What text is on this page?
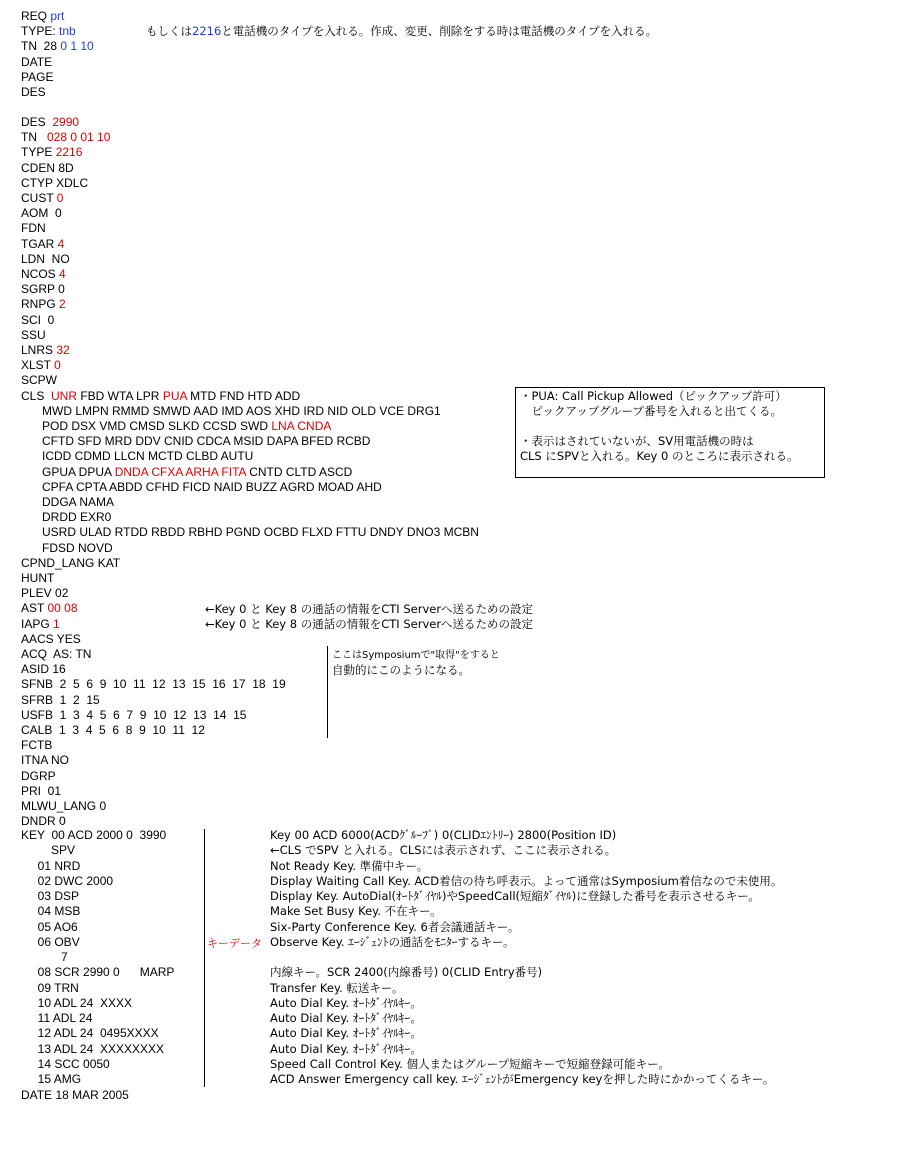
REQ prt
TYPE: tnb
TN  28 0 1 10
DATE
PAGE
DES
もしくは2216と電話機のタイプを入れる。作成、変更、削除をする時は電話機のタイプを入れる。
DES  2990
TN   028 0 01 10
TYPE 2216
CDEN 8D
CTYP XDLC
CUST 0
AOM  0
FDN
TGAR 4
LDN  NO
NCOS 4
SGRP 0
RNPG 2
SCI  0
SSU
LNRS 32
XLST 0
SCPW
CLS  UNR FBD WTA LPR PUA MTD FND HTD ADD
MWD LMPN RMMD SMWD AAD IMD AOS XHD IRD NID OLD VCE DRG1
POD DSX VMD CMSD SLKD CCSD SWD LNA CNDA
CFTD SFD MRD DDV CNID CDCA MSID DAPA BFED RCBD
ICDD CDMD LLCN MCTD CLBD AUTU
GPUA DPUA DNDA CFXA ARHA FITA CNTD CLTD ASCD
CPFA CPTA ABDD CFHD FICD NAID BUZZ AGRD MOAD AHD
DDGA NAMA
DRDD EXR0
USRD ULAD RTDD RBDD RBHD PGND OCBD FLXD FTTU DNDY DNO3 MCBN
FDSD NOVD
CPND_LANG KAT
HUNT
PLEV 02
AST 00 08
IAPG 1
AACS YES
ACQ  AS: TN
ASID 16
SFNB  2  5  6  9  10  11  12  13  15  16  17  18  19
SFRB  1  2  15
USFB  1  3  4  5  6  7  9  10  12  13  14  15
CALB  1  3  4  5  6  8  9  10  11  12
FCTB
ITNA NO
DGRP
PRI  01
MLWU_LANG 0
DNDR 0
・PUA: Call Pickup Allowed（ピックアップ許可）
　ピックアップグループ番号を入れると出てくる。
・表示はされていないが、SV用電話機の時は
CLS にSPVと入れる。Key 0 のところに表示される。
←Key 0 と Key 8 の通話の情報をCTI Serverへ送るための設定
←Key 0 と Key 8 の通話の情報をCTI Serverへ送るための設定
ここはSymposiumで"取得"をすると
自動的にこのようになる。
キーデータ
KEY  00 ACD 2000 0  3990	Key 00 ACD 6000(ACDｸﾞﾙｰﾌﾟ) 0(CLIDｴﾝﾄﾘｰ) 2800(Position ID)
SPV	←CLS でSPV と入れる。CLSには表示されず、ここに表示される。
01 NRD	Not Ready Key. 準備中キー。
02 DWC 2000	Display Waiting Call Key. ACD着信の待ち呼表示。よって通常はSymposium着信なので未使用。
03 DSP	Display Key. AutoDial(ｵｰﾄﾀﾞｲﾔﾙ)やSpeedCall(短縮ﾀﾞｲﾔﾙ)に登録した番号を表示させるキー。
04 MSB	Make Set Busy Key. 不在キー。
05 AO6	Six-Party Conference Key. 6者会議通話キー。
06 OBV	Observe Key. ｴｰｼﾞｪﾝﾄの通話をﾓﾆﾀｰするキー。
7
08 SCR 2990 0      MARP	内線キー。SCR 2400(内線番号) 0(CLID Entry番号)
09 TRN	Transfer Key. 転送キー。
10 ADL 24  XXXX	Auto Dial Key. ｵｰﾄﾀﾞｲﾔﾙｷｰ。
11 ADL 24	Auto Dial Key. ｵｰﾄﾀﾞｲﾔﾙｷｰ。
12 ADL 24  0495XXXX	Auto Dial Key. ｵｰﾄﾀﾞｲﾔﾙｷｰ。
13 ADL 24  XXXXXXXX	Auto Dial Key. ｵｰﾄﾀﾞｲﾔﾙｷｰ。
14 SCC 0050	Speed Call Control Key. 個人またはグループ短縮キーで短縮登録可能キー。
15 AMG	ACD Answer Emergency call key. ｴｰｼﾞｪﾝﾄがEmergency keyを押した時にかかってくるキー。
DATE 18 MAR 2005
